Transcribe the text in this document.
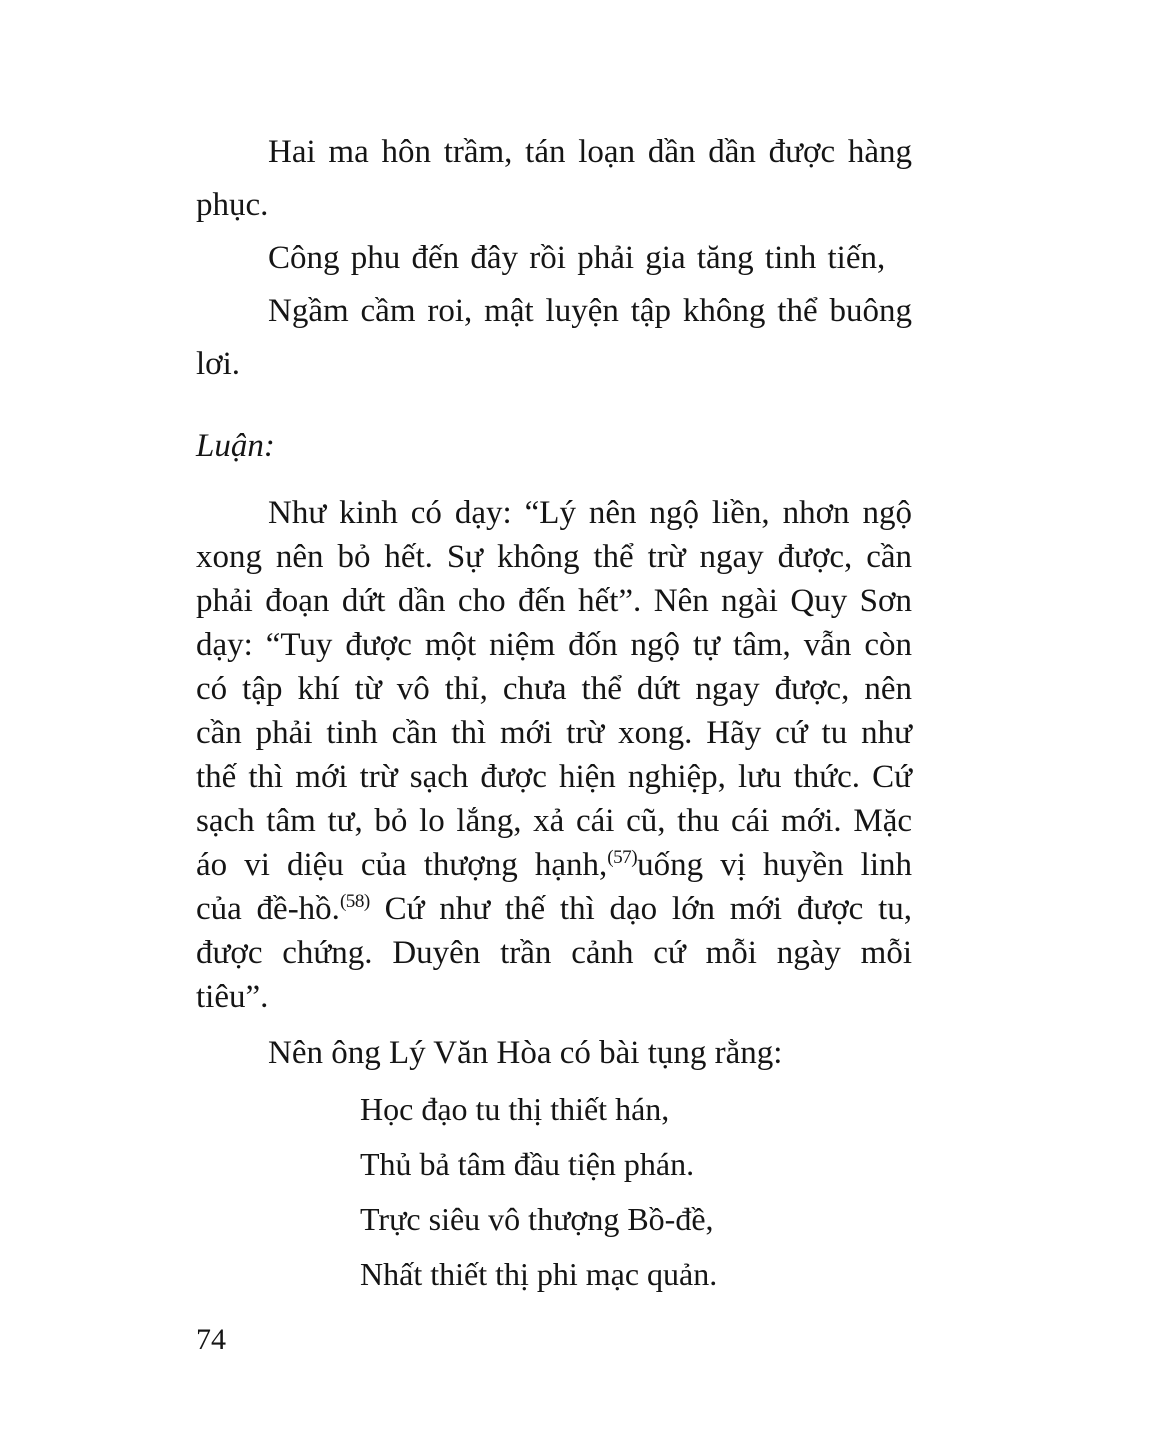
Hai ma hôn trầm, tán loạn dần dần được hàng phục.

Công phu đến đây rồi phải gia tăng tinh tiến,

Ngầm cầm roi, mật luyện tập không thể buông lơi.

Luận:

Như kinh có dạy: “Lý nên ngộ liền, nhơn ngộ xong nên bỏ hết. Sự không thể trừ ngay được, cần phải đoạn dứt dần cho đến hết”. Nên ngài Quy Sơn dạy: “Tuy được một niệm đốn ngộ tự tâm, vẫn còn có tập khí từ vô thỉ, chưa thể dứt ngay được, nên cần phải tinh cần thì mới trừ xong. Hãy cứ tu như thế thì mới trừ sạch được hiện nghiệp, lưu thức. Cứ sạch tâm tư, bỏ lo lắng, xả cái cũ, thu cái mới. Mặc áo vi diệu của thượng hạnh,$^{(57)}$uống vị huyền linh của đề-hồ.$^{(58)}$ Cứ như thế thì dạo lớn mới được tu, được chứng. Duyên trần cảnh cứ mỗi ngày mỗi tiêu”.

Nên ông Lý Văn Hòa có bài tụng rằng:

Học đạo tu thị thiết hán,

Thủ bả tâm đầu tiện phán.

Trực siêu vô thượng Bồ-đề,

Nhất thiết thị phi mạc quản.

74
